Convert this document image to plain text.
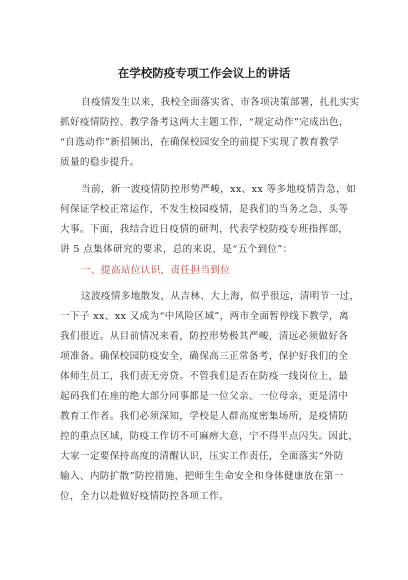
在学校防疫专项工作会议上的讲话
自疫情发生以来，我校全面落实省、市各项决策部署，扎扎实实
抓好疫情防控、教学备考这两大主题工作，“规定动作”完成出色，
“自选动作”新招频出，在确保校园安全的前提下实现了教育教学
质量的稳步提升。
当前，新一波疫情防控形势严峻，xx、xx 等多地疫情告急，如
何保证学校正常运作，不发生校园疫情，是我们的当务之急、头等
大事。下面，我结合近日疫情的研判，代表学校防疫专班指挥部，
讲 5 点集体研究的要求，总的来说，是“五个到位”：
一、提高站位认识，责任担当到位
这波疫情多地散发，从吉林、大上海，似乎很远，清明节一过，
一下子 xx、xx 又成为“中风险区域”，两市全面暂停线下教学，离
我们很近。从目前情况来看，防控形势极其严峻，清远必须做好各
项准备。确保校园防疫安全，确保高三正常备考，保护好我们的全
体师生员工，我们责无旁贷。不管我们是否在防疫一线岗位上，最
起码我们在座的绝大部分同事都是一位父亲、一位母亲，更是清中
教育工作者。我们必须深知，学校是人群高度密集场所，是疫情防
控的重点区域，防疫工作切不可麻痹大意，宁不得半点闪失。因此，
大家一定要保持高度的清醒认识，压实工作责任，全面落实“外防
输入、内防扩散”防控措施，把师生生命安全和身体健康放在第一
位，全力以赴做好疫情防控各项工作。
